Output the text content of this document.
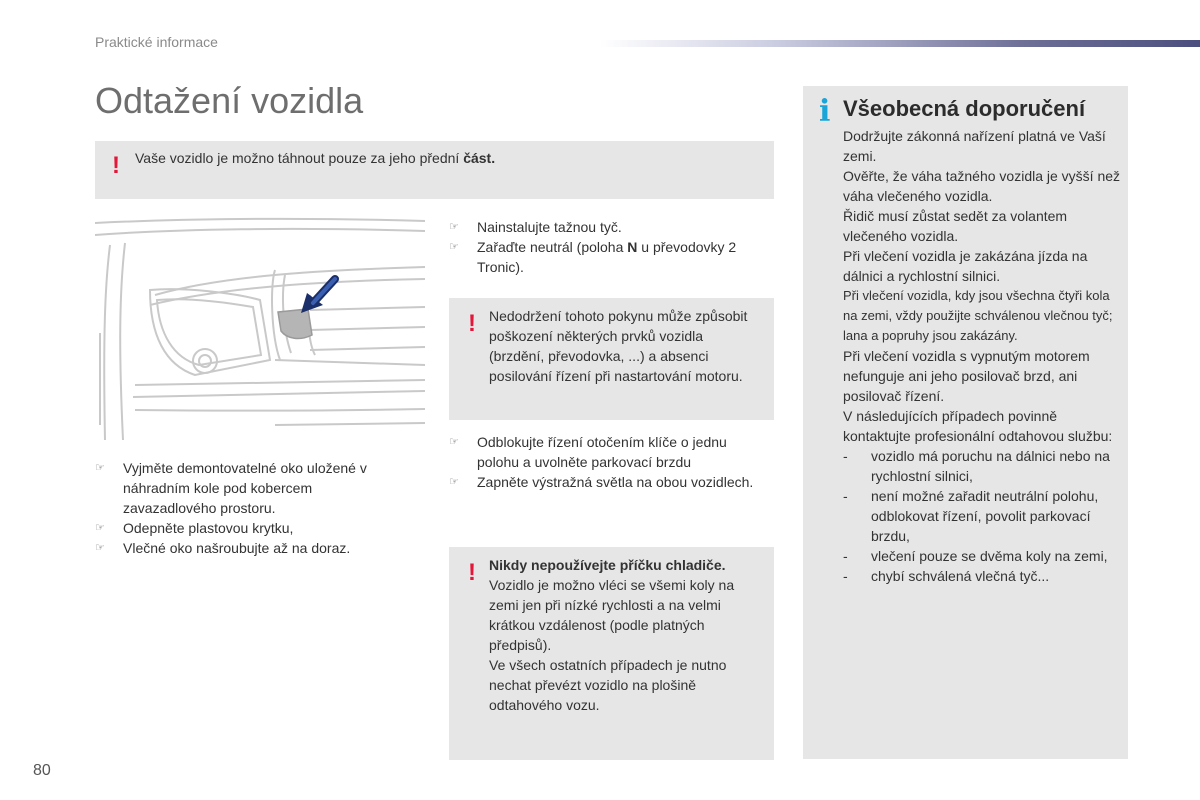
Praktické informace
Odtažení vozidla
! Vaše vozidlo je možno táhnout pouze za jeho přední část.
☞ Vyjměte demontovatelné oko uložené v náhradním kole pod kobercem zavazadlového prostoru.
☞ Odepněte plastovou krytku,
☞ Vlečné oko našroubujte až na doraz.
☞ Nainstalujte tažnou tyč.
☞ Zařaďte neutrál (poloha N u převodovky 2 Tronic).
! Nedodržení tohoto pokynu může způsobit poškození některých prvků vozidla (brzdění, převodovka, ...) a absenci posilování řízení při nastartování motoru.
☞ Odblokujte řízení otočením klíče o jednu polohu a uvolněte parkovací brzdu
☞ Zapněte výstražná světla na obou vozidlech.
! Nikdy nepoužívejte příčku chladiče.
Vozidlo je možno vléci se všemi koly na zemi jen při nízké rychlosti a na velmi krátkou vzdálenost (podle platných předpisů).
Ve všech ostatních případech je nutno nechat převézt vozidlo na plošině odtahového vozu.
i Všeobecná doporučení

Dodržujte zákonná nařízení platná ve Vaší zemi.

Ověřte, že váha tažného vozidla je vyšší než váha vlečeného vozidla.

Řidič musí zůstat sedět za volantem vlečeného vozidla.

Při vlečení vozidla je zakázána jízda na dálnici a rychlostní silnici.

Při vlečení vozidla, kdy jsou všechna čtyři kola na zemi, vždy použijte schválenou vlečnou tyč; lana a popruhy jsou zakázány.

Při vlečení vozidla s vypnutým motorem nefunguje ani jeho posilovač brzd, ani posilovač řízení.

V následujících případech povinně kontaktujte profesionální odtahovou službu:

- vozidlo má poruchu na dálnici nebo na rychlostní silnici,
- není možné zařadit neutrální polohu, odblokovat řízení, povolit parkovací brzdu,
- vlečení pouze se dvěma koly na zemi,
- chybí schválená vlečná tyč...
80
